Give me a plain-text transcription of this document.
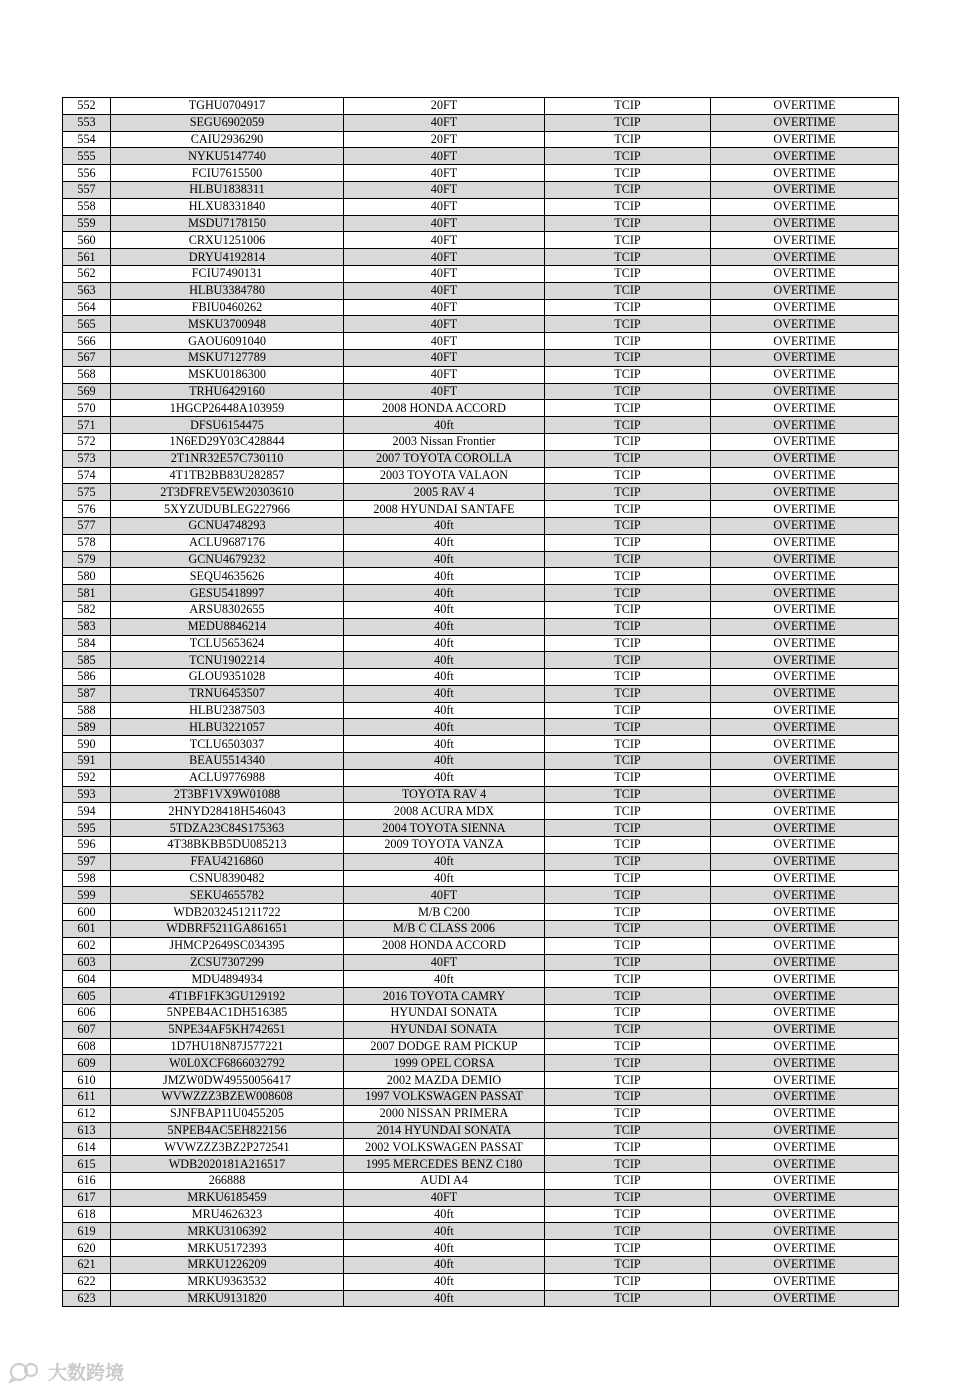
552	TGHU0704917	20FT	TCIP	OVERTIME
553	SEGU6902059	40FT	TCIP	OVERTIME
554	CAIU2936290	20FT	TCIP	OVERTIME
555	NYKU5147740	40FT	TCIP	OVERTIME
556	FCIU7615500	40FT	TCIP	OVERTIME
557	HLBU1838311	40FT	TCIP	OVERTIME
558	HLXU8331840	40FT	TCIP	OVERTIME
559	MSDU7178150	40FT	TCIP	OVERTIME
560	CRXU1251006	40FT	TCIP	OVERTIME
561	DRYU4192814	40FT	TCIP	OVERTIME
562	FCIU7490131	40FT	TCIP	OVERTIME
563	HLBU3384780	40FT	TCIP	OVERTIME
564	FBIU0460262	40FT	TCIP	OVERTIME
565	MSKU3700948	40FT	TCIP	OVERTIME
566	GAOU6091040	40FT	TCIP	OVERTIME
567	MSKU7127789	40FT	TCIP	OVERTIME
568	MSKU0186300	40FT	TCIP	OVERTIME
569	TRHU6429160	40FT	TCIP	OVERTIME
570	1HGCP26448A103959	2008 HONDA ACCORD	TCIP	OVERTIME
571	DFSU6154475	40ft	TCIP	OVERTIME
572	1N6ED29Y03C428844	2003 Nissan Frontier	TCIP	OVERTIME
573	2T1NR32E57C730110	2007 TOYOTA COROLLA	TCIP	OVERTIME
574	4T1TB2BB83U282857	2003 TOYOTA VALAON	TCIP	OVERTIME
575	2T3DFREV5EW20303610	2005 RAV 4	TCIP	OVERTIME
576	5XYZUDUBLEG227966	2008 HYUNDAI SANTAFE	TCIP	OVERTIME
577	GCNU4748293	40ft	TCIP	OVERTIME
578	ACLU9687176	40ft	TCIP	OVERTIME
579	GCNU4679232	40ft	TCIP	OVERTIME
580	SEQU4635626	40ft	TCIP	OVERTIME
581	GESU5418997	40ft	TCIP	OVERTIME
582	ARSU8302655	40ft	TCIP	OVERTIME
583	MEDU8846214	40ft	TCIP	OVERTIME
584	TCLU5653624	40ft	TCIP	OVERTIME
585	TCNU1902214	40ft	TCIP	OVERTIME
586	GLOU9351028	40ft	TCIP	OVERTIME
587	TRNU6453507	40ft	TCIP	OVERTIME
588	HLBU2387503	40ft	TCIP	OVERTIME
589	HLBU3221057	40ft	TCIP	OVERTIME
590	TCLU6503037	40ft	TCIP	OVERTIME
591	BEAU5514340	40ft	TCIP	OVERTIME
592	ACLU9776988	40ft	TCIP	OVERTIME
593	2T3BF1VX9W01088	TOYOTA RAV 4	TCIP	OVERTIME
594	2HNYD28418H546043	2008 ACURA MDX	TCIP	OVERTIME
595	5TDZA23C84S175363	2004 TOYOTA SIENNA	TCIP	OVERTIME
596	4T38BKBB5DU085213	2009 TOYOTA VANZA	TCIP	OVERTIME
597	FFAU4216860	40ft	TCIP	OVERTIME
598	CSNU8390482	40ft	TCIP	OVERTIME
599	SEKU4655782	40FT	TCIP	OVERTIME
600	WDB2032451211722	M/B C200	TCIP	OVERTIME
601	WDBRF5211GA861651	M/B C CLASS 2006	TCIP	OVERTIME
602	JHMCP2649SC034395	2008 HONDA ACCORD	TCIP	OVERTIME
603	ZCSU7307299	40FT	TCIP	OVERTIME
604	MDU4894934	40ft	TCIP	OVERTIME
605	4T1BF1FK3GU129192	2016 TOYOTA CAMRY	TCIP	OVERTIME
606	5NPEB4AC1DH516385	HYUNDAI SONATA	TCIP	OVERTIME
607	5NPE34AF5KH742651	HYUNDAI SONATA	TCIP	OVERTIME
608	1D7HU18N87J577221	2007 DODGE RAM PICKUP	TCIP	OVERTIME
609	W0L0XCF6866032792	1999 OPEL CORSA	TCIP	OVERTIME
610	JMZW0DW49550056417	2002 MAZDA DEMIO	TCIP	OVERTIME
611	WVWZZZ3BZEW008608	1997 VOLKSWAGEN PASSAT	TCIP	OVERTIME
612	SJNFBAP11U0455205	2000 NISSAN PRIMERA	TCIP	OVERTIME
613	5NPEB4AC5EH822156	2014 HYUNDAI SONATA	TCIP	OVERTIME
614	WVWZZZ3BZ2P272541	2002 VOLKSWAGEN PASSAT	TCIP	OVERTIME
615	WDB2020181A216517	1995 MERCEDES BENZ C180	TCIP	OVERTIME
616	266888	AUDI A4	TCIP	OVERTIME
617	MRKU6185459	40FT	TCIP	OVERTIME
618	MRU4626323	40ft	TCIP	OVERTIME
619	MRKU3106392	40ft	TCIP	OVERTIME
620	MRKU5172393	40ft	TCIP	OVERTIME
621	MRKU1226209	40ft	TCIP	OVERTIME
622	MRKU9363532	40ft	TCIP	OVERTIME
623	MRKU9131820	40ft	TCIP	OVERTIME
大数跨境
